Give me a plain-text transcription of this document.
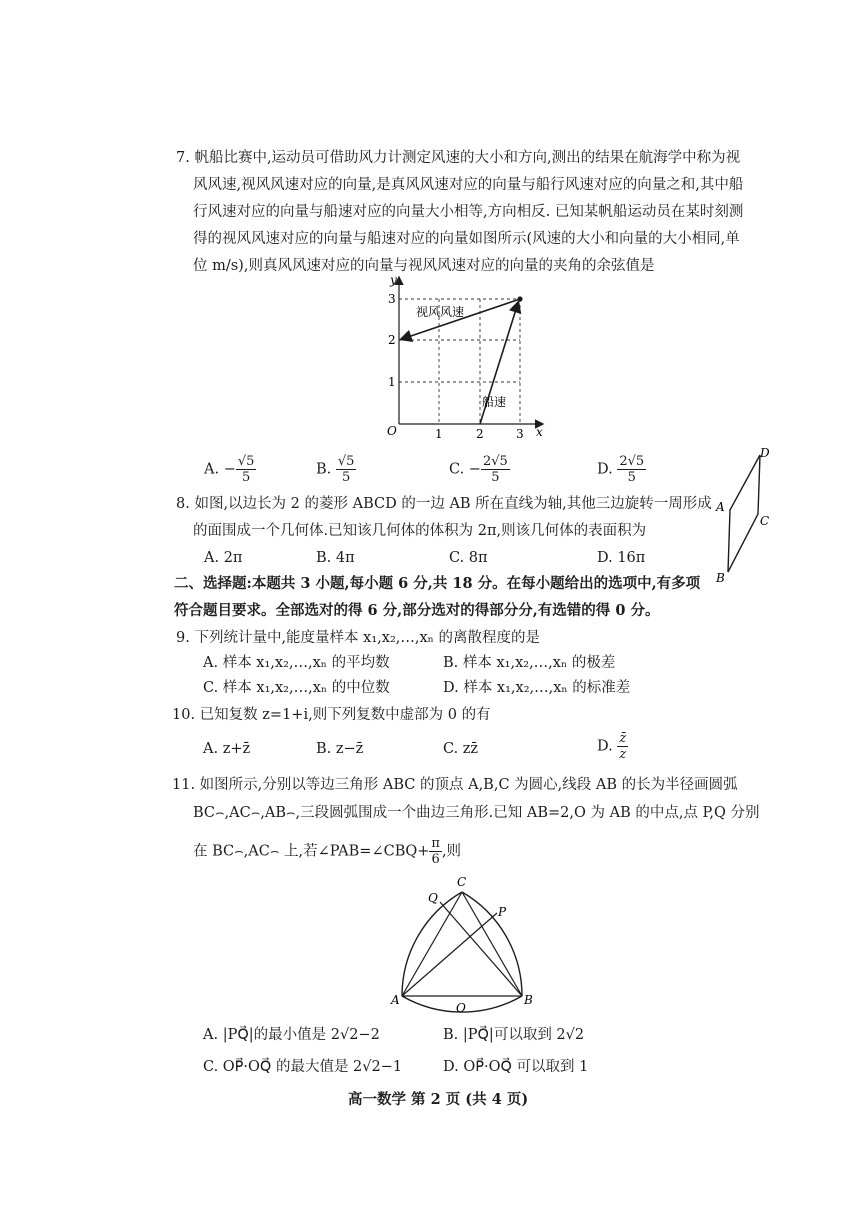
7. 帆船比赛中,运动员可借助风力计测定风速的大小和方向,测出的结果在航海学中称为视
风风速,视风风速对应的向量,是真风风速对应的向量与船行风速对应的向量之和,其中船
行风速对应的向量与船速对应的向量大小相等,方向相反. 已知某帆船运动员在某时刻测
得的视风风速对应的向量与船速对应的向量如图所示(风速的大小和向量的大小相同,单
位 m/s),则真风风速对应的向量与视风风速对应的向量的夹角的余弦值是
y
x
O	1	2	3
1
2
3
视风风速
船速
A. − $\frac{√5}{5}$	B. $\frac{√5}{5}$	C. − $\frac{2√5}{5}$	D. $\frac{2√5}{5}$
8. 如图,以边长为 2 的菱形 ABCD 的一边 AB 所在直线为轴,其他三边旋转一周形成
的面围成一个几何体.已知该几何体的体积为 2π,则该几何体的表面积为
A. 2π	B. 4π	C. 8π	D. 16π
D
A
C
B
二、选择题:本题共 3 小题,每小题 6 分,共 18 分。在每小题给出的选项中,有多项
符合题目要求。全部选对的得 6 分,部分选对的得部分分,有选错的得 0 分。
9. 下列统计量中,能度量样本 x₁,x₂,…,xₙ 的离散程度的是
A. 样本 x₁,x₂,…,xₙ 的平均数	B. 样本 x₁,x₂,…,xₙ 的极差
C. 样本 x₁,x₂,…,xₙ 的中位数	D. 样本 x₁,x₂,…,xₙ 的标准差
10. 已知复数 z=1+i,则下列复数中虚部为 0 的有
A. z+z̄	B. z−z̄	C. zz̄	D. $\frac{z̄}{z}$
11. 如图所示,分别以等边三角形 ABC 的顶点 A,B,C 为圆心,线段 AB 的长为半径画圆弧
BC⌢,AC⌢,AB⌢,三段圆弧围成一个曲边三角形.已知 AB=2,O 为 AB 的中点,点 P,Q 分别
在 BC⌢,AC⌢ 上,若∠PAB=∠CBQ+ $\frac{\pi}{6}$ ,则
C
Q
P
A	B
O
A. |PQ⃗|的最小值是 2√2−2	B. |PQ⃗|可以取到 2√2
C. OP⃗·OQ⃗ 的最大值是 2√2−1	D. OP⃗·OQ⃗ 可以取到 1
高一数学 第 2 页 (共 4 页)
